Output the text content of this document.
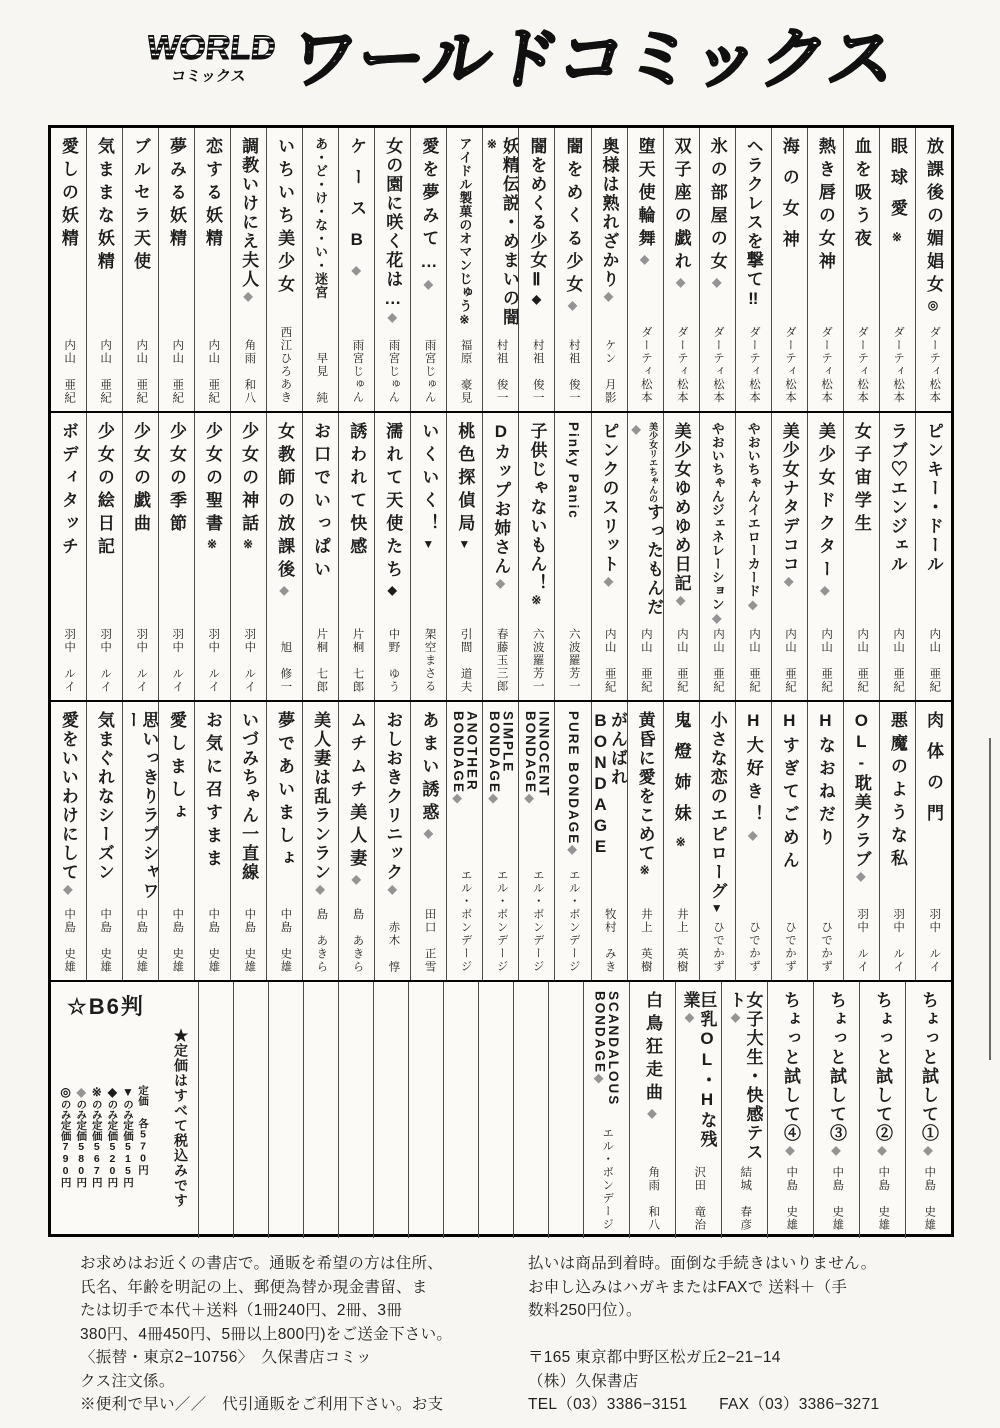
WORLD
コミックス ワールドコミックス
放課後の媚娼女◎
ダーティ松本
眼球愛※
ダーティ松本
血を吸う夜
ダーティ松本
熱き唇の女神
ダーティ松本
海の女神
ダーティ松本
ヘラクレスを撃て‼
ダーティ松本
氷の部屋の女◆
ダーティ松本
双子座の戯れ◆
ダーティ松本
堕天使輪舞◆
ダーティ松本
奥様は熟れざかり◆
ケン 月影
闇をめくる少女◆
村祖 俊一
闇をめくる少女Ⅱ◆
村祖 俊一
妖精伝説・めまいの闇※
村祖 俊一
アイドル製菓のオマンじゅう※
福原 豪見
愛を夢みて…◆
雨宮じゅん
女の園に咲く花は…◆
雨宮じゅん
ケースB◆
雨宮じゅん
あ・ど・け・な・い・迷宮
早見 純
いちいち美少女
西江ひろあき
調教いけにえ夫人◆
角雨 和八
恋する妖精
内山 亜紀
夢みる妖精
内山 亜紀
ブルセラ天使
内山 亜紀
気ままな妖精
内山 亜紀
愛しの妖精
内山 亜紀
ピンキー・ドール
内山 亜紀
ラブ♡エンジェル
内山 亜紀
女子宙学生
内山 亜紀
美少女ドクター◆
内山 亜紀
美少女ナタデココ◆
内山 亜紀
やおいちゃんイエローカード◆
内山 亜紀
やおいちゃんジェネレーション◆
内山 亜紀
美少女ゆめゆめ日記◆
内山 亜紀
美少女リエちゃんのすったもんだ◆
内山 亜紀
ピンクのスリット◆
内山 亜紀
Pinky Panic
六波羅芳一
子供じゃないもん！※
六波羅芳一
Dカップお姉さん◆
春藤玉三郎
桃色探偵局▼
引間 道夫
いくいく！▼
架空まさる
濡れて天使たち◆
中野 ゆう
誘われて快感
片桐 七郎
お口でいっぱい
片桐 七郎
女教師の放課後◆
旭 修一
少女の神話※
羽中 ルイ
少女の聖書※
羽中 ルイ
少女の季節
羽中 ルイ
少女の戯曲
羽中 ルイ
少女の絵日記
羽中 ルイ
ボディタッチ
羽中 ルイ
肉体の門
羽中 ルイ
悪魔のような私
羽中 ルイ
OL-耽美クラブ◆
羽中 ルイ
Hなおねだり
ひでかず
Hすぎてごめん
ひでかず
H大好き！◆
ひでかず
小さな恋のエピローグ▼
ひでかず
鬼燈姉妹※
井上 英樹
黄昏に愛をこめて※
井上 英樹
がんばれBONDAGE
牧村 みき
PURE BONDAGE◆
エル・ボンデージ
INNOCENT BONDAGE◆
エル・ボンデージ
SIMPLE BONDAGE◆
エル・ボンデージ
ANOTHER BONDAGE◆
エル・ボンデージ
あまい誘惑◆
田口 正雪
おしおきクリニック◆
赤木 惇
ムチムチ美人妻◆
島 あきら
美人妻は乱ランラン◆
島 あきら
夢であいましょ
中島 史雄
いづみちゃん一直線
中島 史雄
お気に召すまま
中島 史雄
愛しましょ
中島 史雄
思いっきりラブシャワー
中島 史雄
気まぐれなシーズン
中島 史雄
愛をいいわけにして◆
中島 史雄
ちょっと試して①◆
中島 史雄
ちょっと試して②◆
中島 史雄
ちょっと試して③◆
中島 史雄
ちょっと試して④◆
中島 史雄
女子大生・快感テスト◆
結城 春彦
巨乳OL・Hな残業◆
沢田 竜治
白鳥狂走曲◆
角雨 和八
SCANDALOUS BONDAGE◆
エル・ボンデージ
☆B6判
★定価はすべて税込みです
定価 各570円
▼のみ定価515円
◆のみ定価520円
※のみ定価567円
◆のみ定価580円
◎のみ定価790円
お求めはお近くの書店で。通販を希望の方は住所、
氏名、年齢を明記の上、郵便為替か現金書留、ま
たは切手で本代＋送料（1冊240円、2冊、3冊
380円、4冊450円、5冊以上800円)をご送金下さい。
〈振替・東京2−10756〉　久保書店コミッ
クス注文係。
※便利で早い／／　代引通販をご利用下さい。お支
払いは商品到着時。面倒な手続きはいりません。
お申し込みはハガキまたはFAXで 送料＋（手
数料250円位）。

〒165 東京都中野区松ガ丘2−21−14
（株）久保書店
TEL（03）3386−3151　　FAX（03）3386−3271
